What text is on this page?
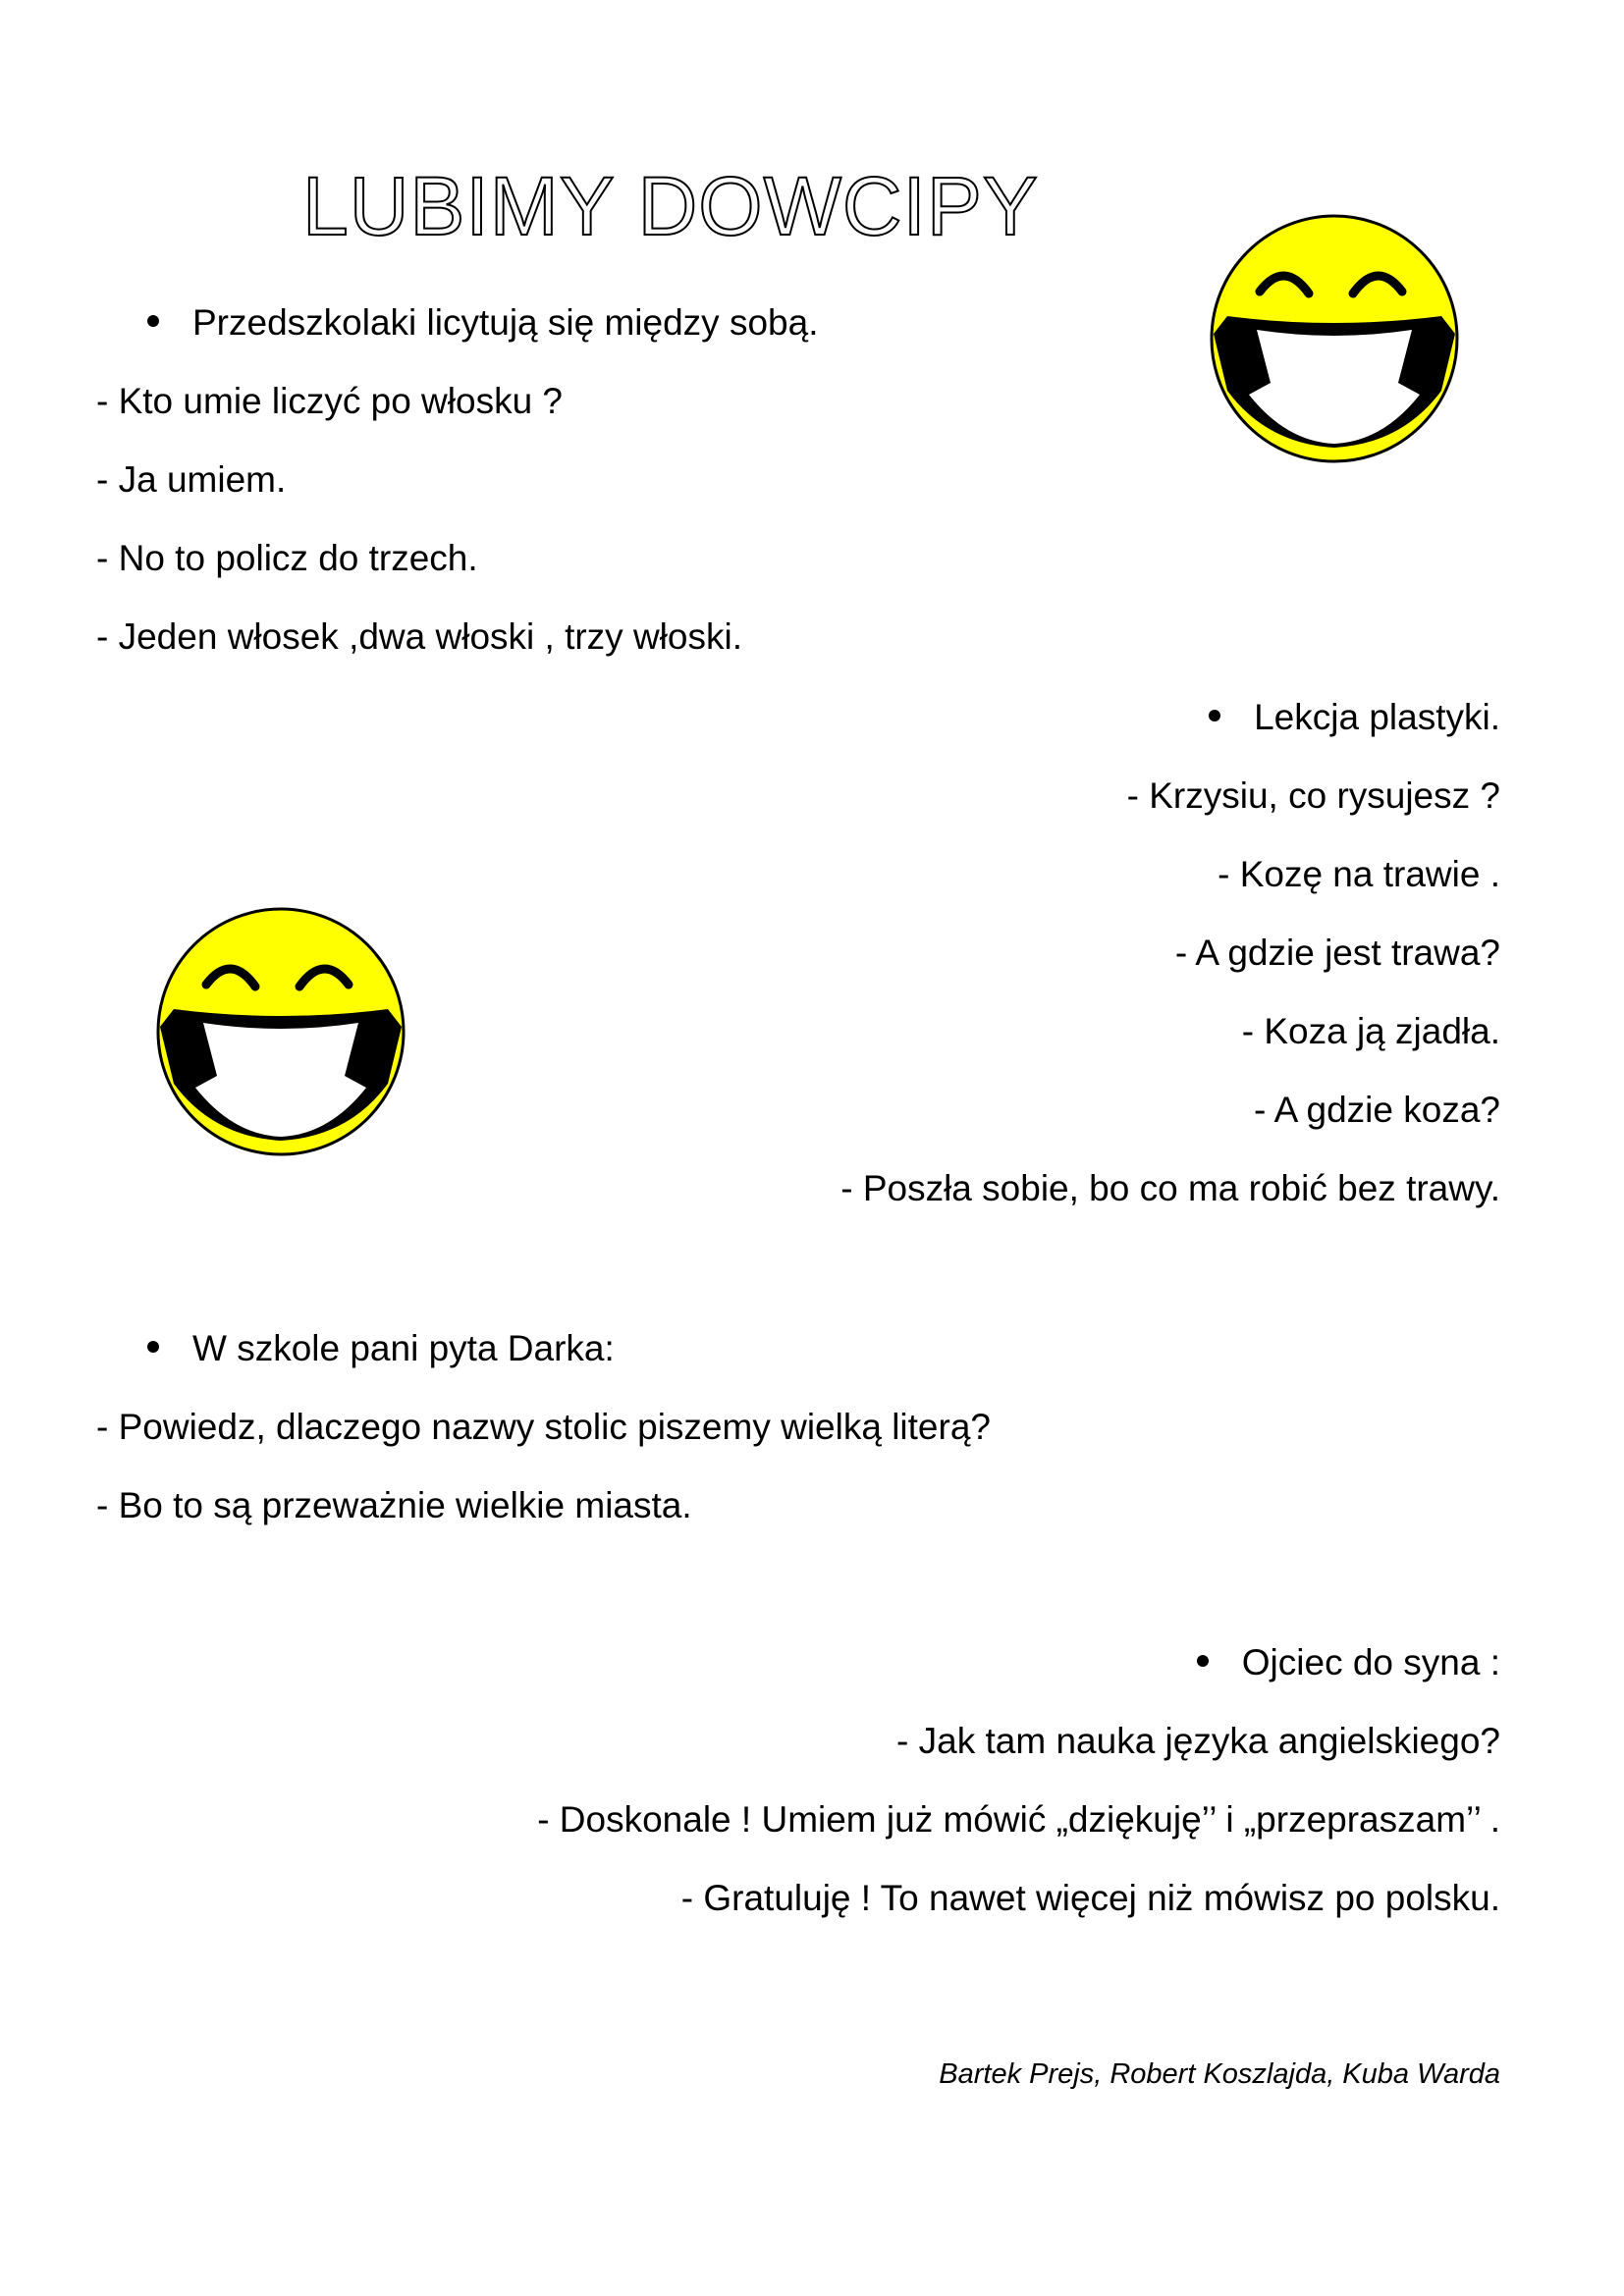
LUBIMY DOWCIPY
Przedszkolaki licytują się między sobą.
- Kto umie liczyć po włosku ?
- Ja umiem.
- No to policz do trzech.
- Jeden włosek ,dwa włoski , trzy włoski.
Lekcja plastyki.
- Krzysiu, co rysujesz ?
- Kozę na trawie .
- A gdzie jest trawa?
- Koza ją zjadła.
- A gdzie koza?
- Poszła sobie, bo co ma robić bez trawy.
W szkole pani pyta Darka:
- Powiedz, dlaczego nazwy stolic piszemy wielką literą?
- Bo to są przeważnie wielkie miasta.
Ojciec do syna :
- Jak tam nauka języka angielskiego?
- Doskonale ! Umiem już mówić „dziękuję’’ i „przepraszam’’ .
- Gratuluję ! To nawet więcej niż mówisz po polsku.
Bartek Prejs, Robert Koszlajda, Kuba Warda
